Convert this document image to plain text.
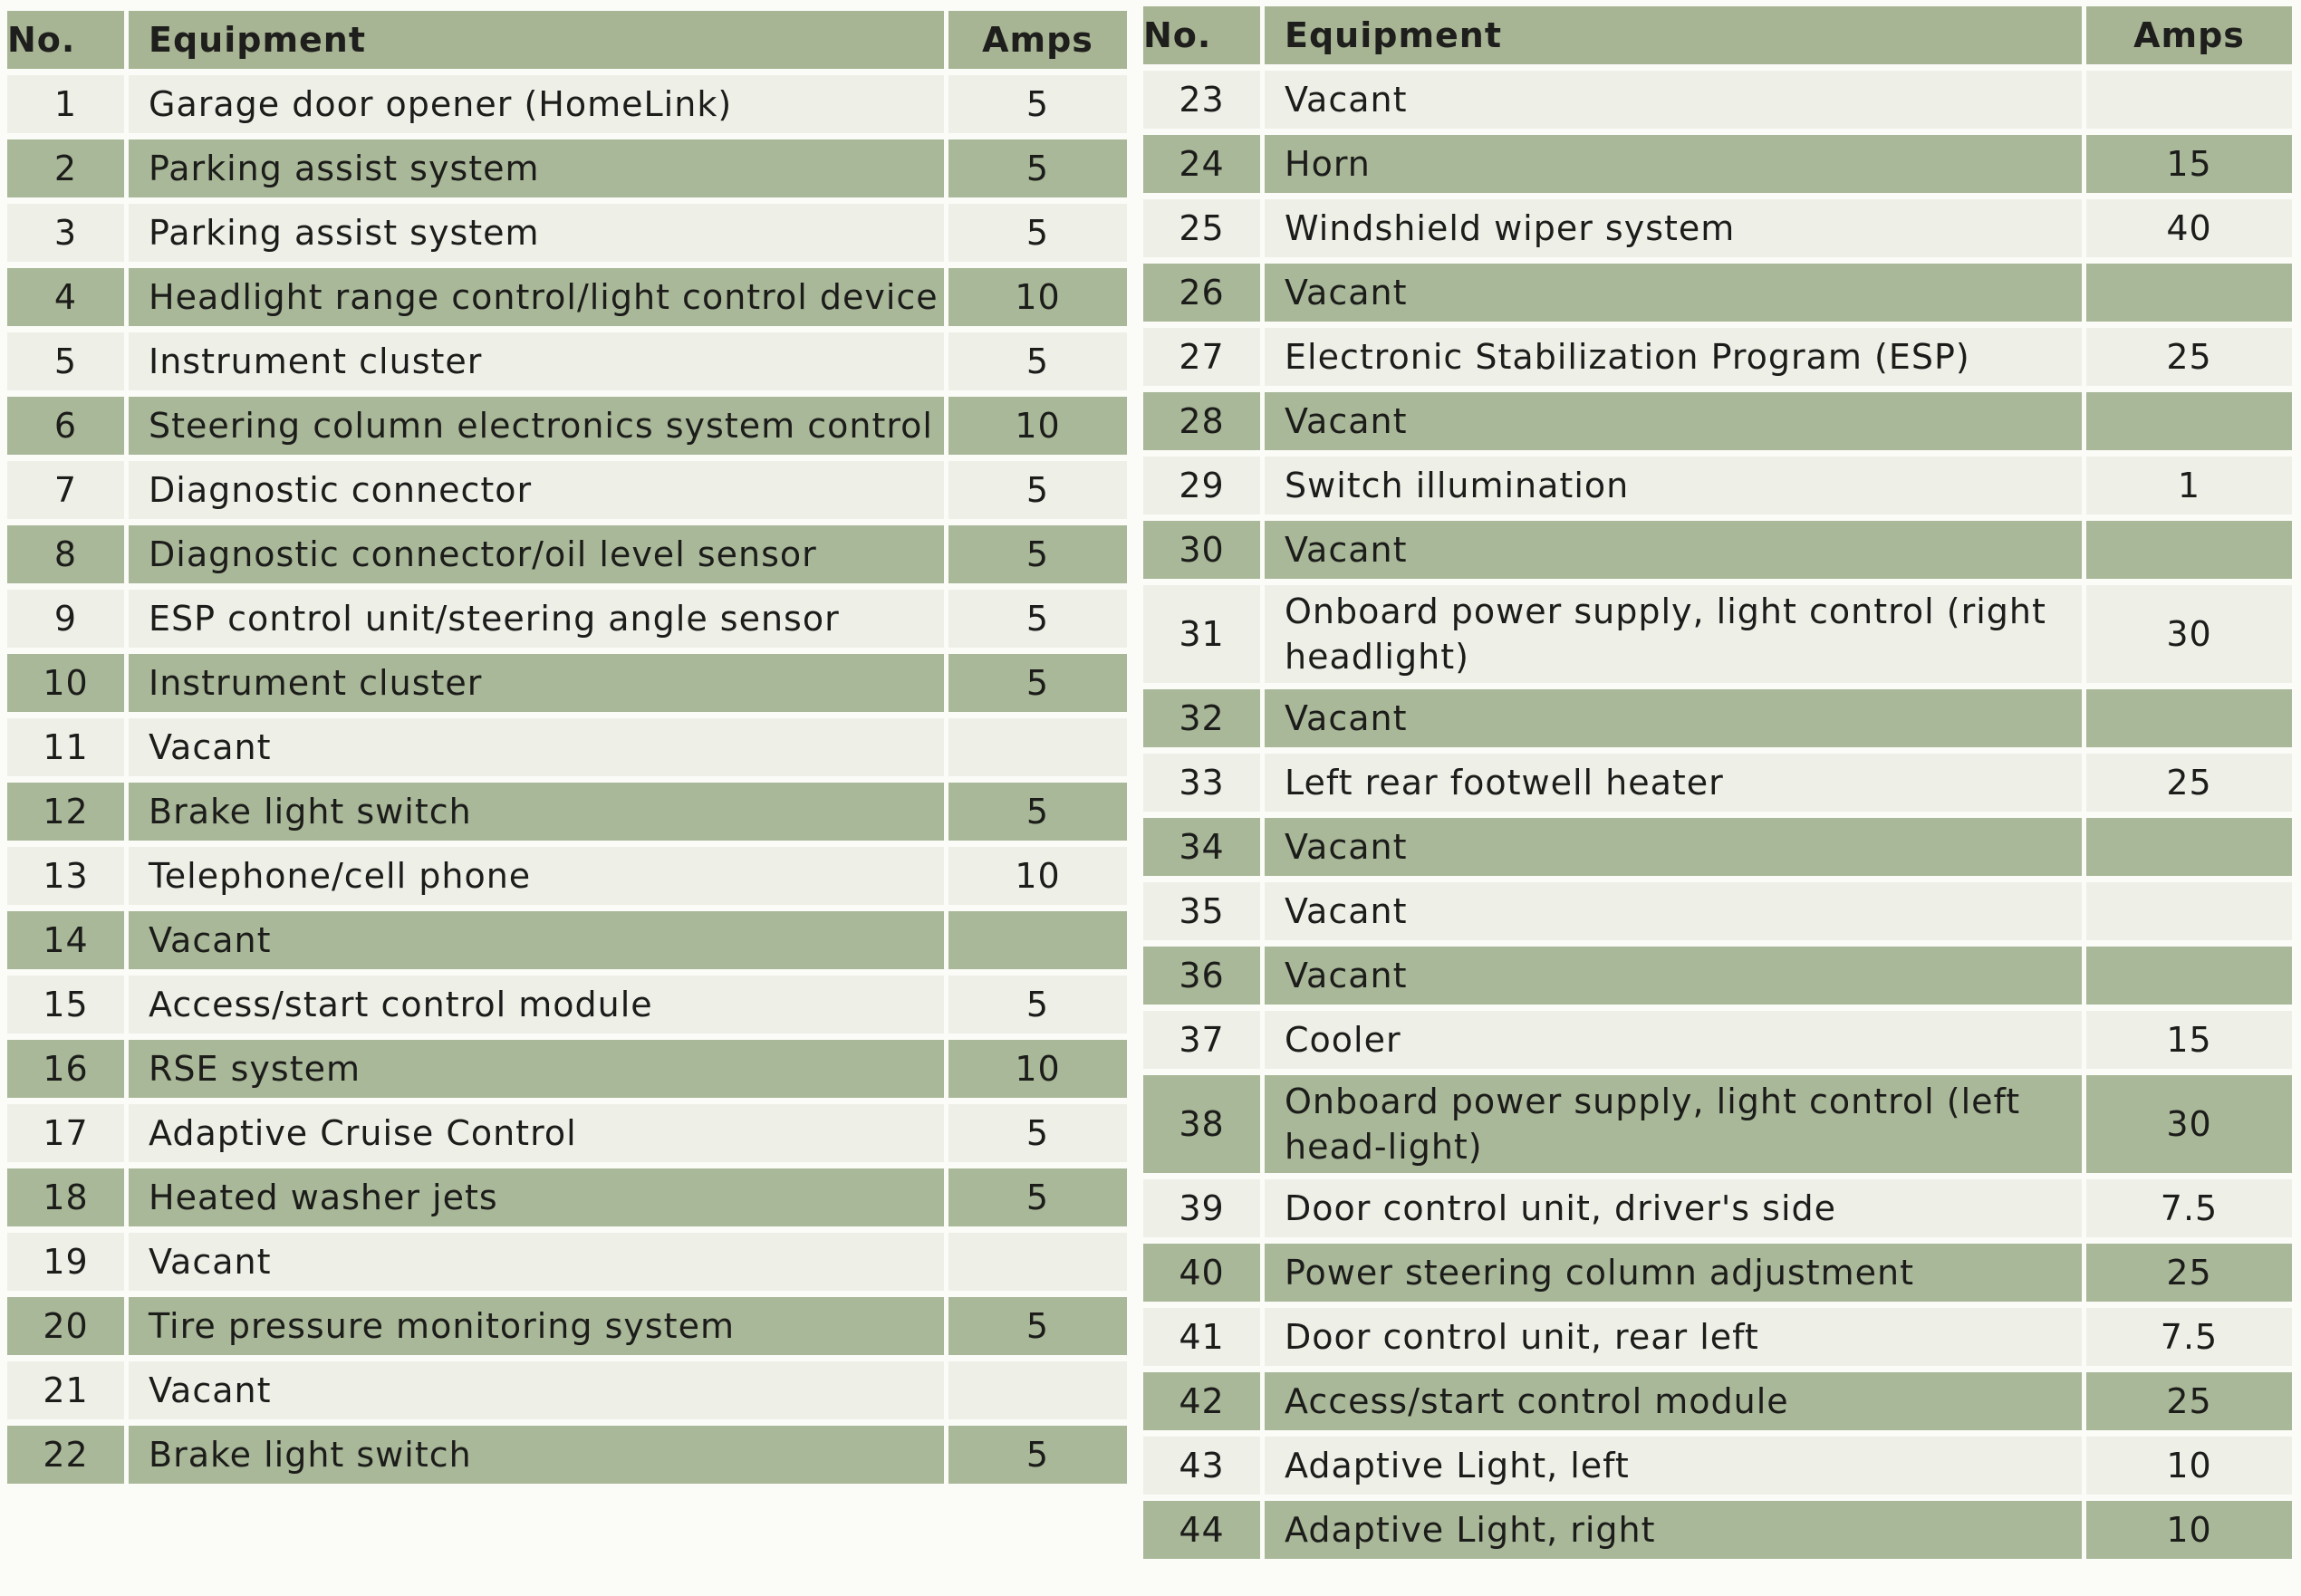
No.	Equipment	Amps
1	Garage door opener (HomeLink)	5
2	Parking assist system	5
3	Parking assist system	5
4	Headlight range control/light control device	10
5	Instrument cluster	5
6	Steering column electronics system control	10
7	Diagnostic connector	5
8	Diagnostic connector/oil level sensor	5
9	ESP control unit/steering angle sensor	5
10	Instrument cluster	5
11	Vacant	
12	Brake light switch	5
13	Telephone/cell phone	10
14	Vacant	
15	Access/start control module	5
16	RSE system	10
17	Adaptive Cruise Control	5
18	Heated washer jets	5
19	Vacant	
20	Tire pressure monitoring system	5
21	Vacant	
22	Brake light switch	5
No.	Equipment	Amps
23	Vacant	
24	Horn	15
25	Windshield wiper system	40
26	Vacant	
27	Electronic Stabilization Program (ESP)	25
28	Vacant	
29	Switch illumination	1
30	Vacant	
31	Onboard power supply, light control (right headlight)	30
32	Vacant	
33	Left rear footwell heater	25
34	Vacant	
35	Vacant	
36	Vacant	
37	Cooler	15
38	Onboard power supply, light control (left head-light)	30
39	Door control unit, driver's side	7.5
40	Power steering column adjustment	25
41	Door control unit, rear left	7.5
42	Access/start control module	25
43	Adaptive Light, left	10
44	Adaptive Light, right	10
